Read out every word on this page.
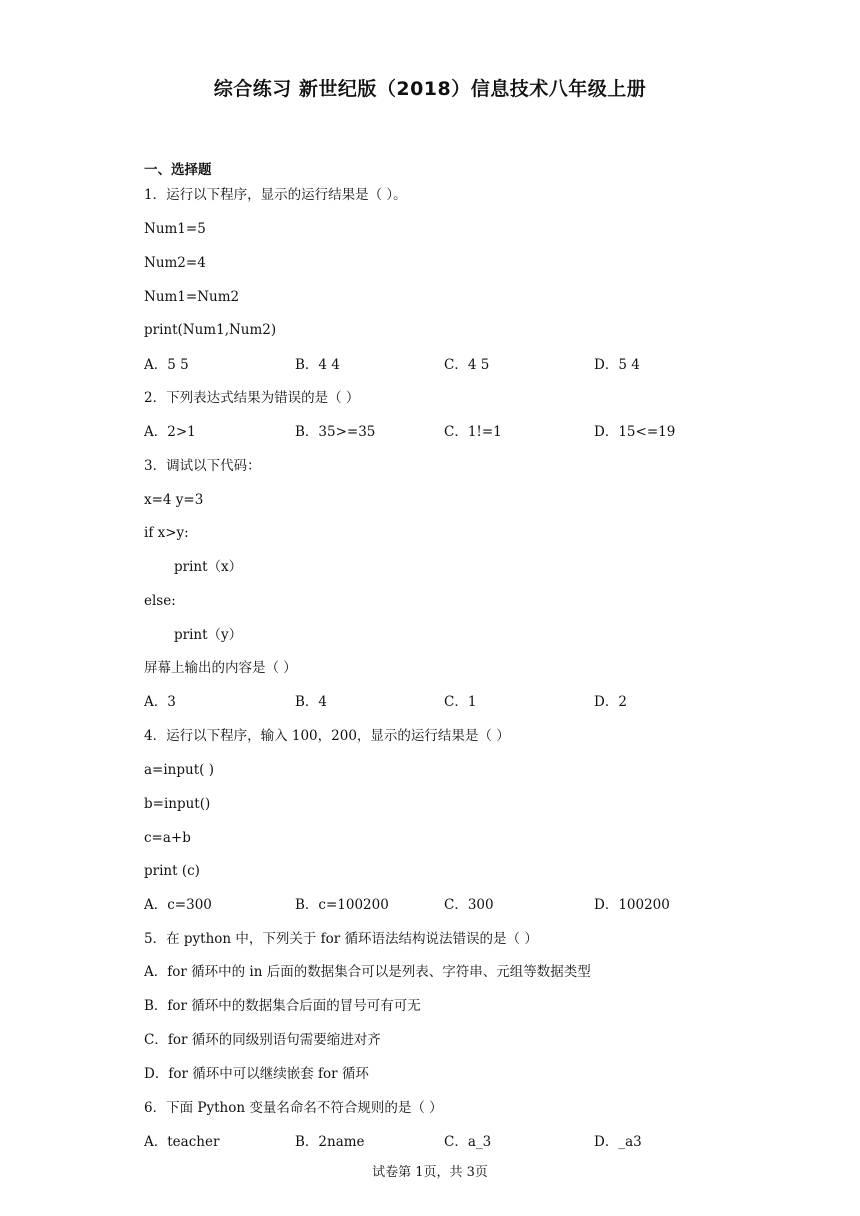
综合练习 新世纪版（2018）信息技术八年级上册
一、选择题
1．运行以下程序，显示的运行结果是（ ）。
Num1=5
Num2=4
Num1=Num2
print(Num1,Num2)
A．5 5	B．4 4	C．4 5	D．5 4
2．下列表达式结果为错误的是（ ）
A．2>1	B．35>=35	C．1!=1	D．15<=19
3．调试以下代码：
x=4 y=3
if x>y:
print（x）
else:
print（y）
屏幕上输出的内容是（ ）
A．3	B．4	C．1	D．2
4．运行以下程序，输入 100，200，显示的运行结果是（ ）
a=input( )
b=input()
c=a+b
print (c)
A．c=300	B．c=100200	C．300	D．100200
5．在 python 中，下列关于 for 循环语法结构说法错误的是（ ）
A．for 循环中的 in 后面的数据集合可以是列表、字符串、元组等数据类型
B．for 循环中的数据集合后面的冒号可有可无
C．for 循环的同级别语句需要缩进对齐
D．for 循环中可以继续嵌套 for 循环
6．下面 Python 变量名命名不符合规则的是（ ）
A．teacher	B．2name	C．a_3	D．_a3
试卷第 1页，共 3页
